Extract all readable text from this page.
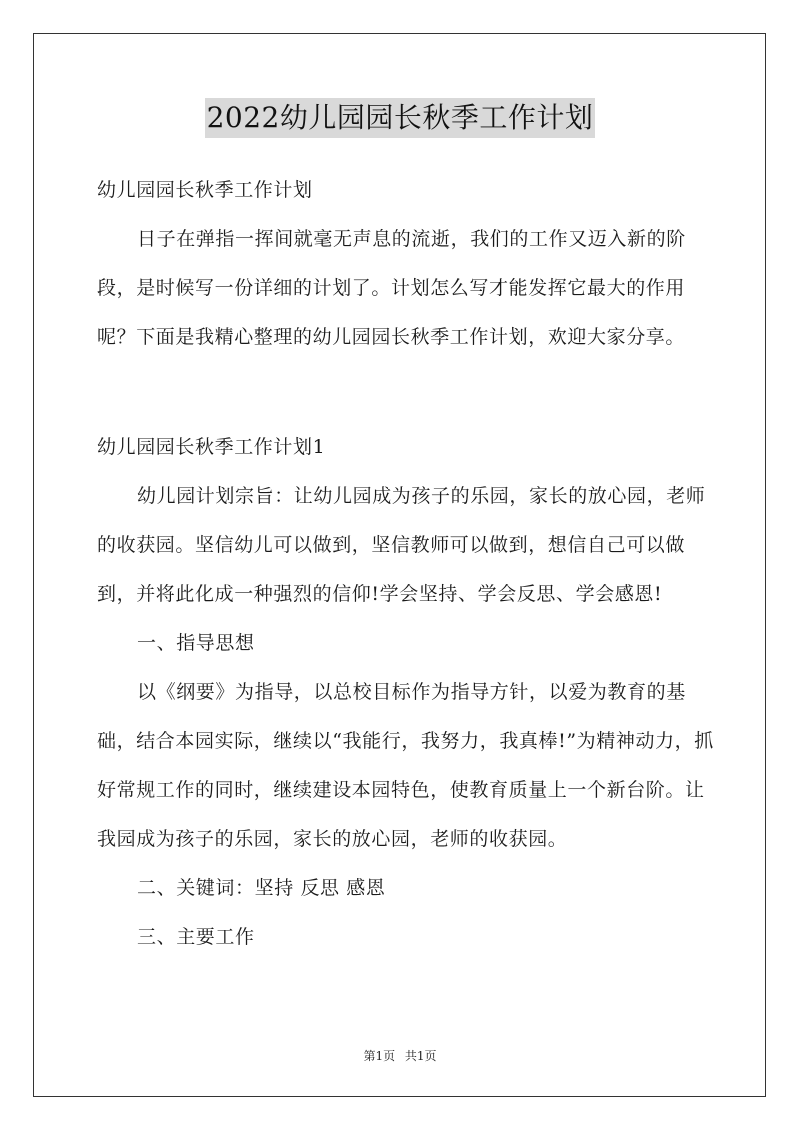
2022幼儿园园长秋季工作计划

幼儿园园长秋季工作计划

日子在弹指一挥间就毫无声息的流逝，我们的工作又迈入新的阶段，是时候写一份详细的计划了。计划怎么写才能发挥它最大的作用呢？下面是我精心整理的幼儿园园长秋季工作计划，欢迎大家分享。

幼儿园园长秋季工作计划1

幼儿园计划宗旨：让幼儿园成为孩子的乐园，家长的放心园，老师的收获园。坚信幼儿可以做到，坚信教师可以做到，想信自己可以做到，并将此化成一种强烈的信仰!学会坚持、学会反思、学会感恩!

一、指导思想

以《纲要》为指导，以总校目标作为指导方针，以爱为教育的基础，结合本园实际，继续以“我能行，我努力，我真棒!”为精神动力，抓好常规工作的同时，继续建设本园特色，使教育质量上一个新台阶。让我园成为孩子的乐园，家长的放心园，老师的收获园。

二、关键词：坚持 反思 感恩

三、主要工作

第1页 共1页
